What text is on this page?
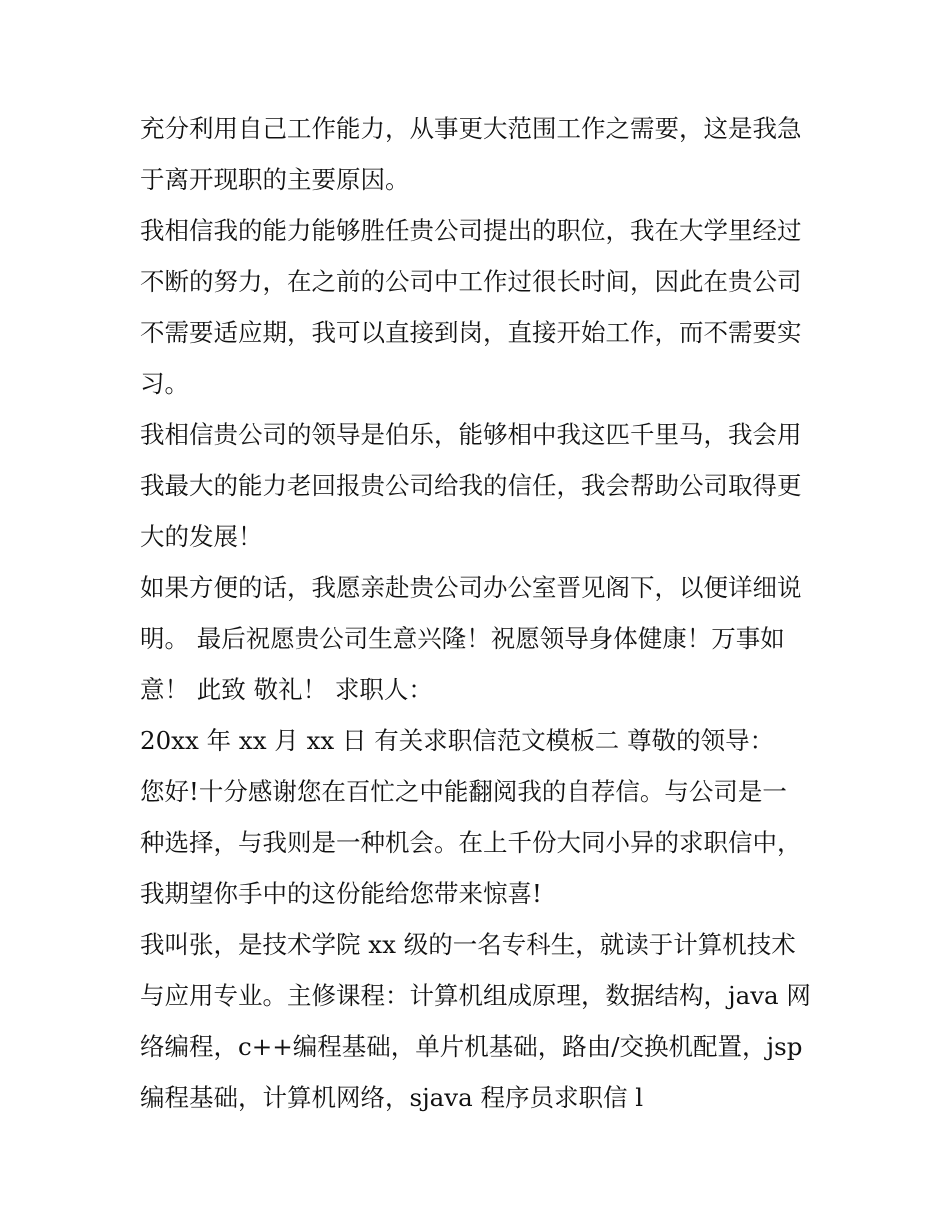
充分利用自己工作能力，从事更大范围工作之需要，这是我急
于离开现职的主要原因。
我相信我的能力能够胜任贵公司提出的职位，我在大学里经过
不断的努力，在之前的公司中工作过很长时间，因此在贵公司
不需要适应期，我可以直接到岗，直接开始工作，而不需要实
习。
我相信贵公司的领导是伯乐，能够相中我这匹千里马，我会用
我最大的能力老回报贵公司给我的信任，我会帮助公司取得更
大的发展！
如果方便的话，我愿亲赴贵公司办公室晋见阁下，以便详细说
明。 最后祝愿贵公司生意兴隆！祝愿领导身体健康！万事如
意！ 此致 敬礼！ 求职人：
20xx 年 xx 月 xx 日 有关求职信范文模板二 尊敬的领导：
您好!十分感谢您在百忙之中能翻阅我的自荐信。与公司是一
种选择，与我则是一种机会。在上千份大同小异的求职信中，
我期望你手中的这份能给您带来惊喜!
我叫张，是技术学院 xx 级的一名专科生，就读于计算机技术
与应用专业。主修课程：计算机组成原理，数据结构，java 网
络编程，c++编程基础，单片机基础，路由/交换机配置，jsp
编程基础，计算机网络，sjava 程序员求职信 l
